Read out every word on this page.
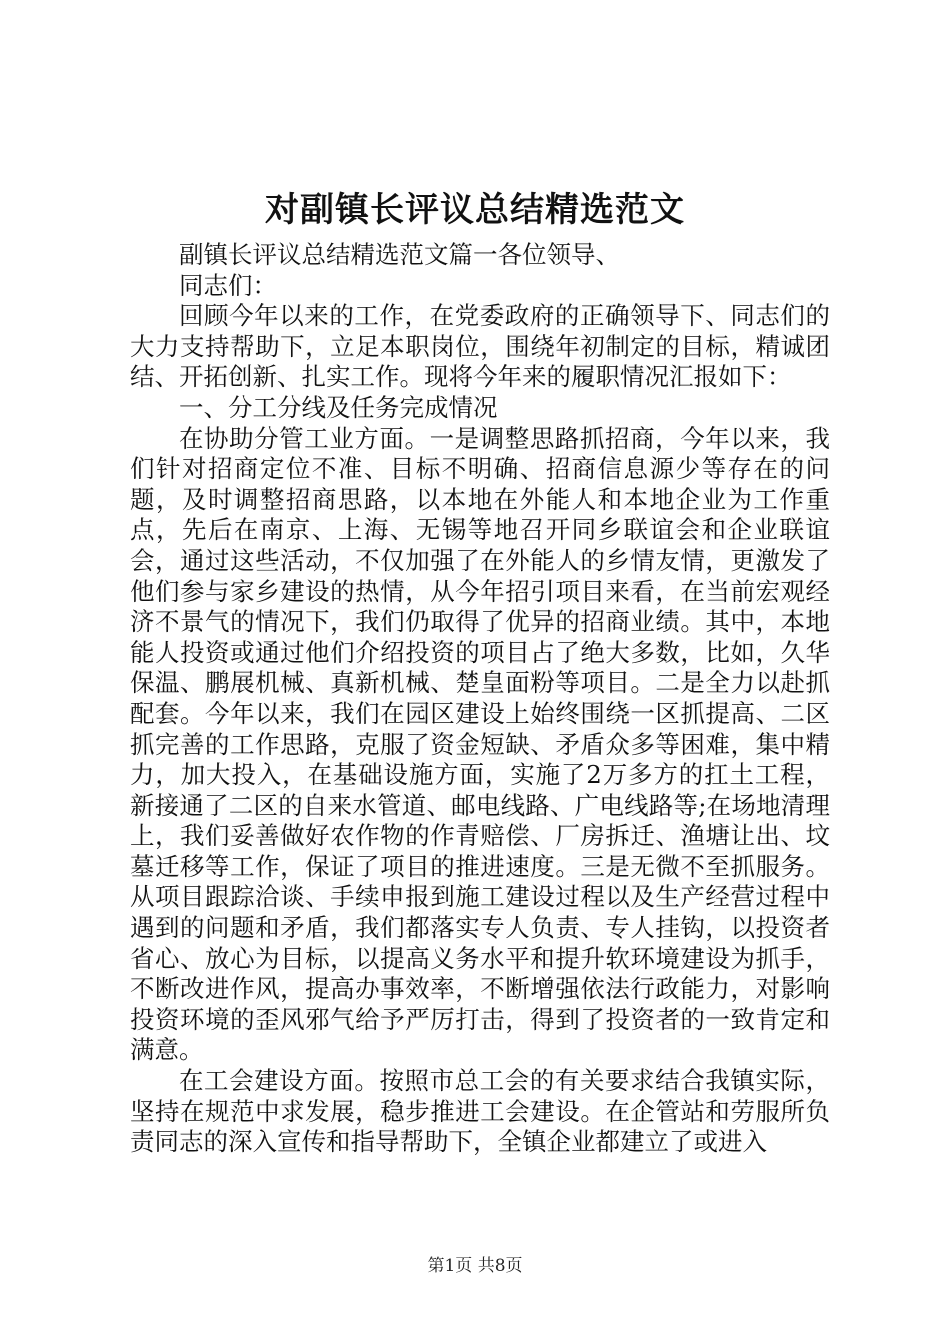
对副镇长评议总结精选范文

副镇长评议总结精选范文篇一各位领导、

同志们：

回顾今年以来的工作，在党委政府的正确领导下、同志们的大力支持帮助下，立足本职岗位，围绕年初制定的目标，精诚团结、开拓创新、扎实工作。现将今年来的履职情况汇报如下：

一、分工分线及任务完成情况

在协助分管工业方面。一是调整思路抓招商，今年以来，我们针对招商定位不准、目标不明确、招商信息源少等存在的问题，及时调整招商思路，以本地在外能人和本地企业为工作重点，先后在南京、上海、无锡等地召开同乡联谊会和企业联谊会，通过这些活动，不仅加强了在外能人的乡情友情，更激发了他们参与家乡建设的热情，从今年招引项目来看，在当前宏观经济不景气的情况下，我们仍取得了优异的招商业绩。其中，本地能人投资或通过他们介绍投资的项目占了绝大多数，比如，久华保温、鹏展机械、真新机械、楚皇面粉等项目。二是全力以赴抓配套。今年以来，我们在园区建设上始终围绕一区抓提高、二区抓完善的工作思路，克服了资金短缺、矛盾众多等困难，集中精力，加大投入，在基础设施方面，实施了2万多方的扛土工程，新接通了二区的自来水管道、邮电线路、广电线路等;在场地清理上，我们妥善做好农作物的作青赔偿、厂房拆迁、渔塘让出、坟墓迁移等工作，保证了项目的推进速度。三是无微不至抓服务。从项目跟踪洽谈、手续申报到施工建设过程以及生产经营过程中遇到的问题和矛盾，我们都落实专人负责、专人挂钩，以投资者省心、放心为目标，以提高义务水平和提升软环境建设为抓手，不断改进作风，提高办事效率，不断增强依法行政能力，对影响投资环境的歪风邪气给予严厉打击，得到了投资者的一致肯定和满意。

在工会建设方面。按照市总工会的有关要求结合我镇实际，坚持在规范中求发展，稳步推进工会建设。在企管站和劳服所负责同志的深入宣传和指导帮助下，全镇企业都建立了或进入

第1页 共8页
